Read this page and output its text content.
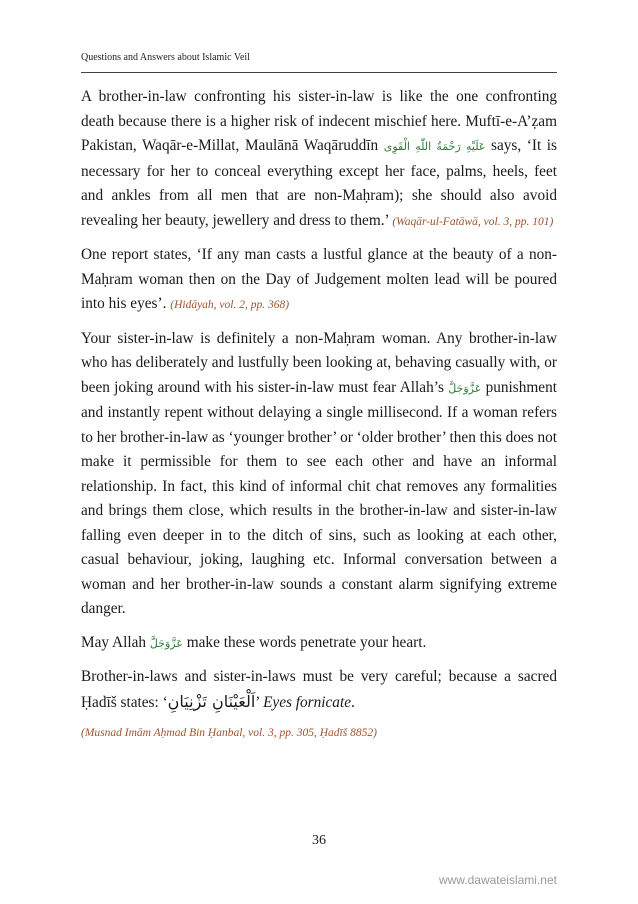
Questions and Answers about Islamic Veil

A brother-in-law confronting his sister-in-law is like the one confronting death because there is a higher risk of indecent mischief here. Muftī-e-A’ẓam Pakistan, Waqār-e-Millat, Maulānā Waqāruddīn عَلَيْهِ رَحْمَةُ اللّٰهِ الْقَوِى says, ‘It is necessary for her to conceal everything except her face, palms, heels, feet and ankles from all men that are non-Maḥram); she should also avoid revealing her beauty, jewellery and dress to them.’ (Waqār-ul-Fatāwā, vol. 3, pp. 101)

One report states, ‘If any man casts a lustful glance at the beauty of a non-Maḥram woman then on the Day of Judgement molten lead will be poured into his eyes’. (Hidāyah, vol. 2, pp. 368)

Your sister-in-law is definitely a non-Maḥram woman. Any brother-in-law who has deliberately and lustfully been looking at, behaving casually with, or been joking around with his sister-in-law must fear Allah’s عَزَّوَجَلَّ punishment and instantly repent without delaying a single millisecond. If a woman refers to her brother-in-law as ‘younger brother’ or ‘older brother’ then this does not make it permissible for them to see each other and have an informal relationship. In fact, this kind of informal chit chat removes any formalities and brings them close, which results in the brother-in-law and sister-in-law falling even deeper in to the ditch of sins, such as looking at each other, casual behaviour, joking, laughing etc. Informal conversation between a woman and her brother-in-law sounds a constant alarm signifying extreme danger.

May Allah عَزَّوَجَلَّ make these words penetrate your heart.

Brother-in-laws and sister-in-laws must be very careful; because a sacred Ḥadīš states: ‘اَلْعَيْنَانِ تَزْنِيَانِ’ Eyes fornicate.

(Musnad Imām Aḥmad Bin Ḥanbal, vol. 3, pp. 305, Ḥadīš 8852)

36
www.dawateislami.net
